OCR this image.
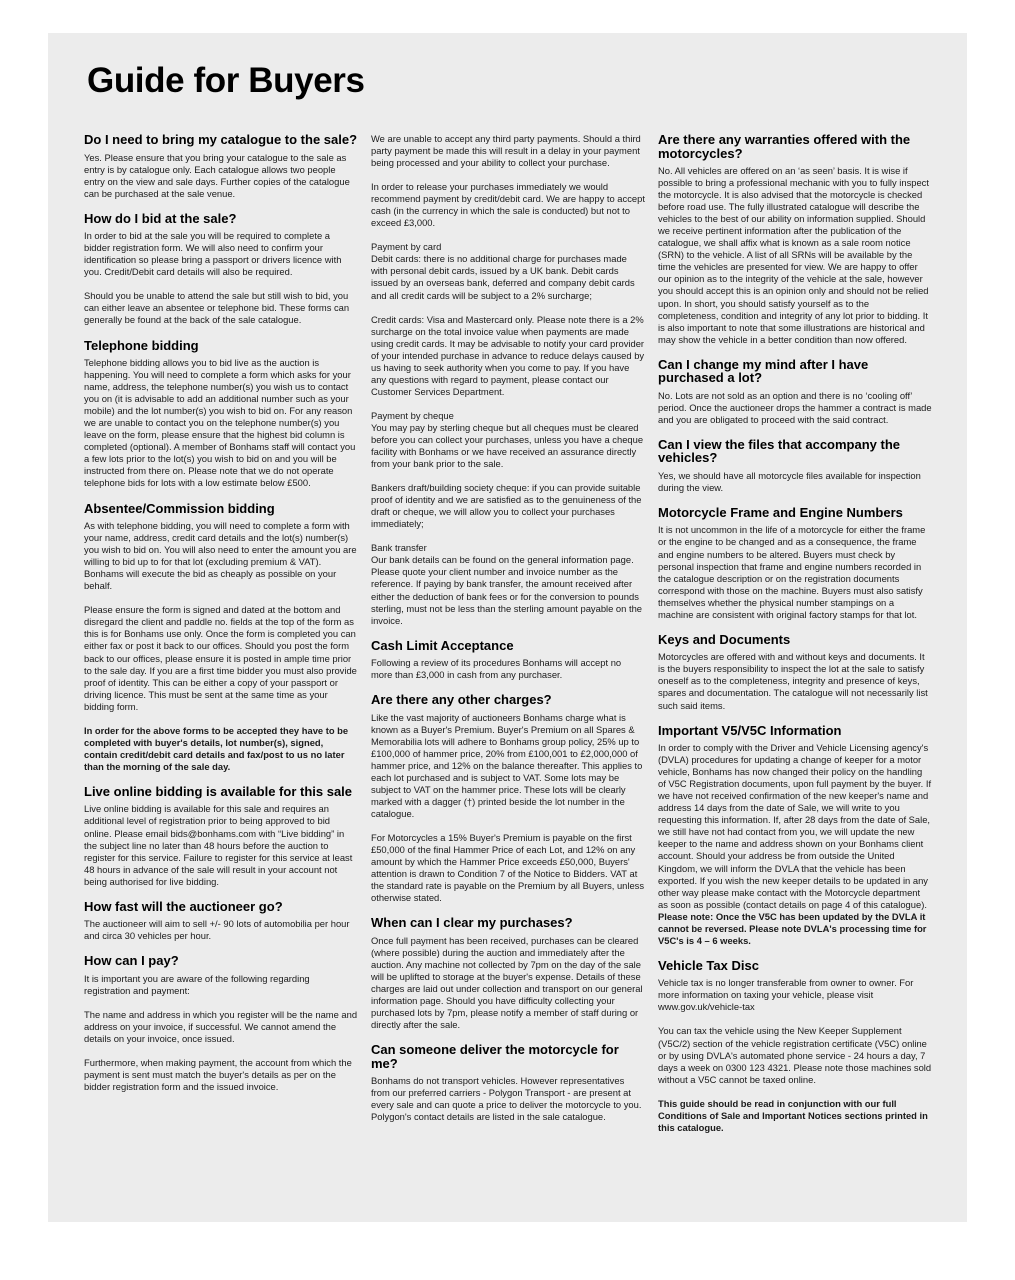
Guide for Buyers
Do I need to bring my catalogue to the sale?

Yes. Please ensure that you bring your catalogue to the sale as entry is by catalogue only. Each catalogue allows two people entry on the view and sale days. Further copies of the catalogue can be purchased at the sale venue.

How do I bid at the sale?

In order to bid at the sale you will be required to complete a bidder registration form. We will also need to confirm your identification so please bring a passport or drivers licence with you. Credit/Debit card details will also be required.

Should you be unable to attend the sale but still wish to bid, you can either leave an absentee or telephone bid. These forms can generally be found at the back of the sale catalogue.

Telephone bidding

Telephone bidding allows you to bid live as the auction is happening. You will need to complete a form which asks for your name, address, the telephone number(s) you wish us to contact you on (it is advisable to add an additional number such as your mobile) and the lot number(s) you wish to bid on. For any reason we are unable to contact you on the telephone number(s) you leave on the form, please ensure that the highest bid column is completed (optional). A member of Bonhams staff will contact you a few lots prior to the lot(s) you wish to bid on and you will be instructed from there on. Please note that we do not operate telephone bids for lots with a low estimate below £500.

Absentee/Commission bidding

As with telephone bidding, you will need to complete a form with your name, address, credit card details and the lot(s) number(s) you wish to bid on. You will also need to enter the amount you are willing to bid up to for that lot (excluding premium & VAT). Bonhams will execute the bid as cheaply as possible on your behalf.

Please ensure the form is signed and dated at the bottom and disregard the client and paddle no. fields at the top of the form as this is for Bonhams use only. Once the form is completed you can either fax or post it back to our offices. Should you post the form back to our offices, please ensure it is posted in ample time prior to the sale day. If you are a first time bidder you must also provide proof of identity. This can be either a copy of your passport or driving licence. This must be sent at the same time as your bidding form.

In order for the above forms to be accepted they have to be completed with buyer's details, lot number(s), signed, contain credit/debit card details and fax/post to us no later than the morning of the sale day.

Live online bidding is available for this sale

Live online bidding is available for this sale and requires an additional level of registration prior to being approved to bid online. Please email bids@bonhams.com with “Live bidding” in the subject line no later than 48 hours before the auction to register for this service. Failure to register for this service at least 48 hours in advance of the sale will result in your account not being authorised for live bidding.

How fast will the auctioneer go?

The auctioneer will aim to sell +/- 90 lots of automobilia per hour and circa 30 vehicles per hour.

How can I pay?

It is important you are aware of the following regarding registration and payment:

The name and address in which you register will be the name and address on your invoice, if successful. We cannot amend the details on your invoice, once issued.

Furthermore, when making payment, the account from which the payment is sent must match the buyer's details as per on the bidder registration form and the issued invoice.

We are unable to accept any third party payments. Should a third party payment be made this will result in a delay in your payment being processed and your ability to collect your purchase.

In order to release your purchases immediately we would recommend payment by credit/debit card. We are happy to accept cash (in the currency in which the sale is conducted) but not to exceed £3,000.

Payment by card
Debit cards: there is no additional charge for purchases made with personal debit cards, issued by a UK bank. Debit cards issued by an overseas bank, deferred and company debit cards and all credit cards will be subject to a 2% surcharge;

Credit cards: Visa and Mastercard only. Please note there is a 2% surcharge on the total invoice value when payments are made using credit cards. It may be advisable to notify your card provider of your intended purchase in advance to reduce delays caused by us having to seek authority when you come to pay. If you have any questions with regard to payment, please contact our Customer Services Department.

Payment by cheque
You may pay by sterling cheque but all cheques must be cleared before you can collect your purchases, unless you have a cheque facility with Bonhams or we have received an assurance directly from your bank prior to the sale.

Bankers draft/building society cheque: if you can provide suitable proof of identity and we are satisfied as to the genuineness of the draft or cheque, we will allow you to collect your purchases immediately;

Bank transfer
Our bank details can be found on the general information page. Please quote your client number and invoice number as the reference. If paying by bank transfer, the amount received after either the deduction of bank fees or for the conversion to pounds sterling, must not be less than the sterling amount payable on the invoice.

Cash Limit Acceptance

Following a review of its procedures Bonhams will accept no more than £3,000 in cash from any purchaser.

Are there any other charges?

Like the vast majority of auctioneers Bonhams charge what is known as a Buyer's Premium. Buyer's Premium on all Spares & Memorabilia lots will adhere to Bonhams group policy, 25% up to £100,000 of hammer price, 20% from £100,001 to £2,000,000 of hammer price, and 12% on the balance thereafter. This applies to each lot purchased and is subject to VAT. Some lots may be subject to VAT on the hammer price. These lots will be clearly marked with a dagger (†) printed beside the lot number in the catalogue.

For Motorcycles a 15% Buyer's Premium is payable on the first £50,000 of the final Hammer Price of each Lot, and 12% on any amount by which the Hammer Price exceeds £50,000, Buyers' attention is drawn to Condition 7 of the Notice to Bidders. VAT at the standard rate is payable on the Premium by all Buyers, unless otherwise stated.

When can I clear my purchases?

Once full payment has been received, purchases can be cleared (where possible) during the auction and immediately after the auction. Any machine not collected by 7pm on the day of the sale will be uplifted to storage at the buyer's expense. Details of these charges are laid out under collection and transport on our general information page. Should you have difficulty collecting your purchased lots by 7pm, please notify a member of staff during or directly after the sale.

Can someone deliver the motorcycle for me?

Bonhams do not transport vehicles. However representatives from our preferred carriers - Polygon Transport - are present at every sale and can quote a price to deliver the motorcycle to you. Polygon's contact details are listed in the sale catalogue.

Are there any warranties offered with the motorcycles?

No. All vehicles are offered on an ‘as seen’ basis. It is wise if possible to bring a professional mechanic with you to fully inspect the motorcycle. It is also advised that the motorcycle is checked before road use. The fully illustrated catalogue will describe the vehicles to the best of our ability on information supplied. Should we receive pertinent information after the publication of the catalogue, we shall affix what is known as a sale room notice (SRN) to the vehicle. A list of all SRNs will be available by the time the vehicles are presented for view. We are happy to offer our opinion as to the integrity of the vehicle at the sale, however you should accept this is an opinion only and should not be relied upon. In short, you should satisfy yourself as to the completeness, condition and integrity of any lot prior to bidding. It is also important to note that some illustrations are historical and may show the vehicle in a better condition than now offered.

Can I change my mind after I have purchased a lot?

No. Lots are not sold as an option and there is no ‘cooling off’ period. Once the auctioneer drops the hammer a contract is made and you are obligated to proceed with the said contract.

Can I view the files that accompany the vehicles?

Yes, we should have all motorcycle files available for inspection during the view.

Motorcycle Frame and Engine Numbers

It is not uncommon in the life of a motorcycle for either the frame or the engine to be changed and as a consequence, the frame and engine numbers to be altered. Buyers must check by personal inspection that frame and engine numbers recorded in the catalogue description or on the registration documents correspond with those on the machine. Buyers must also satisfy themselves whether the physical number stampings on a machine are consistent with original factory stamps for that lot.

Keys and Documents

Motorcycles are offered with and without keys and documents. It is the buyers responsibility to inspect the lot at the sale to satisfy oneself as to the completeness, integrity and presence of keys, spares and documentation. The catalogue will not necessarily list such said items.

Important V5/V5C Information

In order to comply with the Driver and Vehicle Licensing agency's (DVLA) procedures for updating a change of keeper for a motor vehicle, Bonhams has now changed their policy on the handling of V5C Registration documents, upon full payment by the buyer. If we have not received confirmation of the new keeper's name and address 14 days from the date of Sale, we will write to you requesting this information. If, after 28 days from the date of Sale, we still have not had contact from you, we will update the new keeper to the name and address shown on your Bonhams client account. Should your address be from outside the United Kingdom, we will inform the DVLA that the vehicle has been exported. If you wish the new keeper details to be updated in any other way please make contact with the Motorcycle department as soon as possible (contact details on page 4 of this catalogue).
Please note: Once the V5C has been updated by the DVLA it cannot be reversed. Please note DVLA's processing time for V5C's is 4 – 6 weeks.

Vehicle Tax Disc

Vehicle tax is no longer transferable from owner to owner. For more information on taxing your vehicle, please visit www.gov.uk/vehicle-tax

You can tax the vehicle using the New Keeper Supplement (V5C/2) section of the vehicle registration certificate (V5C) online or by using DVLA's automated phone service - 24 hours a day, 7 days a week on 0300 123 4321. Please note those machines sold without a V5C cannot be taxed online.

This guide should be read in conjunction with our full Conditions of Sale and Important Notices sections printed in this catalogue.
